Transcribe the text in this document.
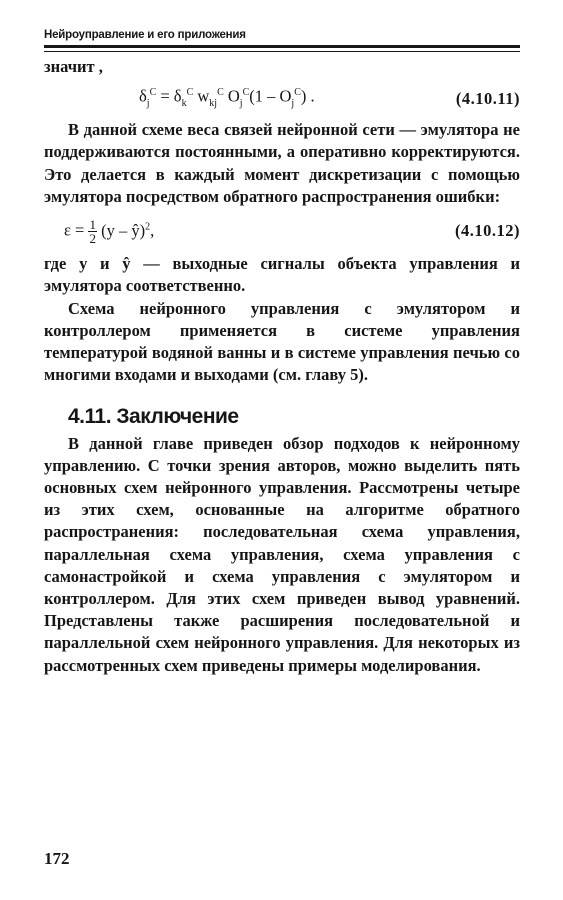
Нейроуправление и его приложения

значит ,

$\delta_j^C = \delta_k^C$ $w_{kj}^C$ $O_j^C(1 - O_j^C)$ .	(4.10.11)

В данной схеме веса связей нейронной сети — эмулятора не поддерживаются постоянными, а оперативно корректируются. Это делается в каждый момент дискретизации с помощью эмулятора посредством обратного распространения ошибки:

$\varepsilon = \frac{1}{2} (y$ – ŷ)$^2$,	(4.10.12)

где y и ŷ — выходные сигналы объекта управления и эмулятора соответственно.

Схема нейронного управления с эмулятором и контроллером применяется в системе управления температурой водяной ванны и в системе управления печью со многими входами и выходами (см. главу 5).

4.11. Заключение

В данной главе приведен обзор подходов к нейронному управлению. С точки зрения авторов, можно выделить пять основных схем нейронного управления. Рассмотрены четыре из этих схем, основанные на алгоритме обратного распространения: последовательная схема управления, параллельная схема управления, схема управления с самонастройкой и схема управления с эмулятором и контроллером. Для этих схем приведен вывод уравнений. Представлены также расширения последовательной и параллельной схем нейронного управления. Для некоторых из рассмотренных схем приведены примеры моделирования.

172
